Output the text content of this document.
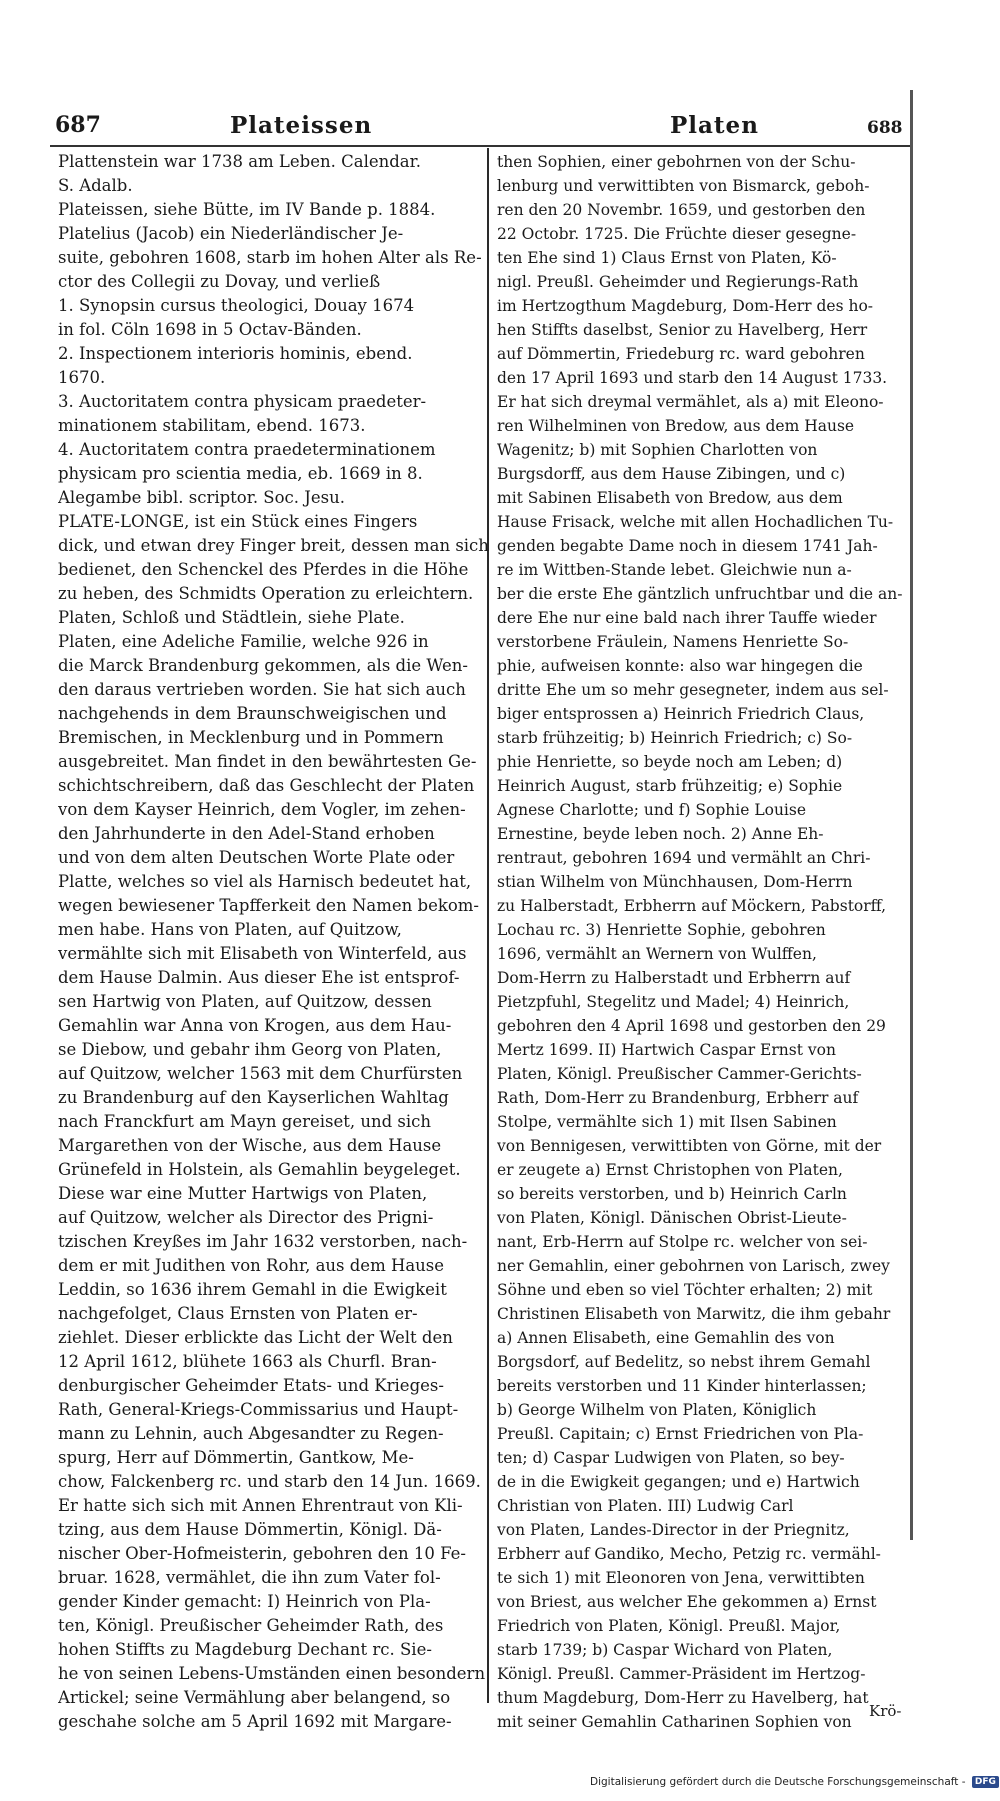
687	Plateissen	Platen	688
Plattenstein war 1738 am Leben. Calendar.
S. Adalb.
Plateissen, siehe Bütte, im IV Bande p. 1884.
Platelius (Jacob) ein Niederländischer Je-
suite, gebohren 1608, starb im hohen Alter als Re-
ctor des Collegii zu Dovay, und verließ
1. Synopsin cursus theologici, Douay 1674
in fol. Cöln 1698 in 5 Octav-Bänden.
2. Inspectionem interioris hominis, ebend.
1670.
3. Auctoritatem contra physicam praedeter-
minationem stabilitam, ebend. 1673.
4. Auctoritatem contra praedeterminationem
physicam pro scientia media, eb. 1669 in 8.
Alegambe bibl. scriptor. Soc. Jesu.
PLATE-LONGE, ist ein Stück eines Fingers
dick, und etwan drey Finger breit, dessen man sich
bedienet, den Schenckel des Pferdes in die Höhe
zu heben, des Schmidts Operation zu erleichtern.
Platen, Schloß und Städtlein, siehe Plate.
Platen, eine Adeliche Familie, welche 926 in
die Marck Brandenburg gekommen, als die Wen-
den daraus vertrieben worden. Sie hat sich auch
nachgehends in dem Braunschweigischen und
Bremischen, in Mecklenburg und in Pommern
ausgebreitet. Man findet in den bewährtesten Ge-
schichtschreibern, daß das Geschlecht der Platen
von dem Kayser Heinrich, dem Vogler, im zehen-
den Jahrhunderte in den Adel-Stand erhoben
und von dem alten Deutschen Worte Plate oder
Platte, welches so viel als Harnisch bedeutet hat,
wegen bewiesener Tapfferkeit den Namen bekom-
men habe. Hans von Platen, auf Quitzow,
vermählte sich mit Elisabeth von Winterfeld, aus
dem Hause Dalmin. Aus dieser Ehe ist entsprof-
sen Hartwig von Platen, auf Quitzow, dessen
Gemahlin war Anna von Krogen, aus dem Hau-
se Diebow, und gebahr ihm Georg von Platen,
auf Quitzow, welcher 1563 mit dem Churfürsten
zu Brandenburg auf den Kayserlichen Wahltag
nach Franckfurt am Mayn gereiset, und sich
Margarethen von der Wische, aus dem Hause
Grünefeld in Holstein, als Gemahlin beygeleget.
Diese war eine Mutter Hartwigs von Platen,
auf Quitzow, welcher als Director des Prigni-
tzischen Kreyßes im Jahr 1632 verstorben, nach-
dem er mit Judithen von Rohr, aus dem Hause
Leddin, so 1636 ihrem Gemahl in die Ewigkeit
nachgefolget, Claus Ernsten von Platen er-
ziehlet. Dieser erblickte das Licht der Welt den
12 April 1612, blühete 1663 als Churfl. Bran-
denburgischer Geheimder Etats- und Krieges-
Rath, General-Kriegs-Commissarius und Haupt-
mann zu Lehnin, auch Abgesandter zu Regen-
spurg, Herr auf Dömmertin, Gantkow, Me-
chow, Falckenberg rc. und starb den 14 Jun. 1669.
Er hatte sich sich mit Annen Ehrentraut von Kli-
tzing, aus dem Hause Dömmertin, Königl. Dä-
nischer Ober-Hofmeisterin, gebohren den 10 Fe-
bruar. 1628, vermählet, die ihn zum Vater fol-
gender Kinder gemacht: I) Heinrich von Pla-
ten, Königl. Preußischer Geheimder Rath, des
hohen Stiffts zu Magdeburg Dechant rc. Sie-
he von seinen Lebens-Umständen einen besondern
Artickel; seine Vermählung aber belangend, so
geschahe solche am 5 April 1692 mit Margare-
then Sophien, einer gebohrnen von der Schu-
lenburg und verwittibten von Bismarck, geboh-
ren den 20 Novembr. 1659, und gestorben den
22 Octobr. 1725. Die Früchte dieser gesegne-
ten Ehe sind 1) Claus Ernst von Platen, Kö-
nigl. Preußl. Geheimder und Regierungs-Rath
im Hertzogthum Magdeburg, Dom-Herr des ho-
hen Stiffts daselbst, Senior zu Havelberg, Herr
auf Dömmertin, Friedeburg rc. ward gebohren
den 17 April 1693 und starb den 14 August 1733.
Er hat sich dreymal vermählet, als a) mit Eleono-
ren Wilhelminen von Bredow, aus dem Hause
Wagenitz; b) mit Sophien Charlotten von
Burgsdorff, aus dem Hause Zibingen, und c)
mit Sabinen Elisabeth von Bredow, aus dem
Hause Frisack, welche mit allen Hochadlichen Tu-
genden begabte Dame noch in diesem 1741 Jah-
re im Wittben-Stande lebet. Gleichwie nun a-
ber die erste Ehe gäntzlich unfruchtbar und die an-
dere Ehe nur eine bald nach ihrer Tauffe wieder
verstorbene Fräulein, Namens Henriette So-
phie, aufweisen konnte: also war hingegen die
dritte Ehe um so mehr gesegneter, indem aus sel-
biger entsprossen a) Heinrich Friedrich Claus,
starb frühzeitig; b) Heinrich Friedrich; c) So-
phie Henriette, so beyde noch am Leben; d)
Heinrich August, starb frühzeitig; e) Sophie
Agnese Charlotte; und f) Sophie Louise
Ernestine, beyde leben noch. 2) Anne Eh-
rentraut, gebohren 1694 und vermählt an Chri-
stian Wilhelm von Münchhausen, Dom-Herrn
zu Halberstadt, Erbherrn auf Möckern, Pabstorff,
Lochau rc. 3) Henriette Sophie, gebohren
1696, vermählt an Wernern von Wulffen,
Dom-Herrn zu Halberstadt und Erbherrn auf
Pietzpfuhl, Stegelitz und Madel; 4) Heinrich,
gebohren den 4 April 1698 und gestorben den 29
Mertz 1699. II) Hartwich Caspar Ernst von
Platen, Königl. Preußischer Cammer-Gerichts-
Rath, Dom-Herr zu Brandenburg, Erbherr auf
Stolpe, vermählte sich 1) mit Ilsen Sabinen
von Bennigesen, verwittibten von Görne, mit der
er zeugete a) Ernst Christophen von Platen,
so bereits verstorben, und b) Heinrich Carln
von Platen, Königl. Dänischen Obrist-Lieute-
nant, Erb-Herrn auf Stolpe rc. welcher von sei-
ner Gemahlin, einer gebohrnen von Larisch, zwey
Söhne und eben so viel Töchter erhalten; 2) mit
Christinen Elisabeth von Marwitz, die ihm gebahr
a) Annen Elisabeth, eine Gemahlin des von
Borgsdorf, auf Bedelitz, so nebst ihrem Gemahl
bereits verstorben und 11 Kinder hinterlassen;
b) George Wilhelm von Platen, Königlich
Preußl. Capitain; c) Ernst Friedrichen von Pla-
ten; d) Caspar Ludwigen von Platen, so bey-
de in die Ewigkeit gegangen; und e) Hartwich
Christian von Platen. III) Ludwig Carl
von Platen, Landes-Director in der Priegnitz,
Erbherr auf Gandiko, Mecho, Petzig rc. vermähl-
te sich 1) mit Eleonoren von Jena, verwittibten
von Briest, aus welcher Ehe gekommen a) Ernst
Friedrich von Platen, Königl. Preußl. Major,
starb 1739; b) Caspar Wichard von Platen,
Königl. Preußl. Cammer-Präsident im Hertzog-
thum Magdeburg, Dom-Herr zu Havelberg, hat
mit seiner Gemahlin Catharinen Sophien von
Krö-
Digitalisierung gefördert durch die Deutsche Forschungsgemeinschaft - DFG
